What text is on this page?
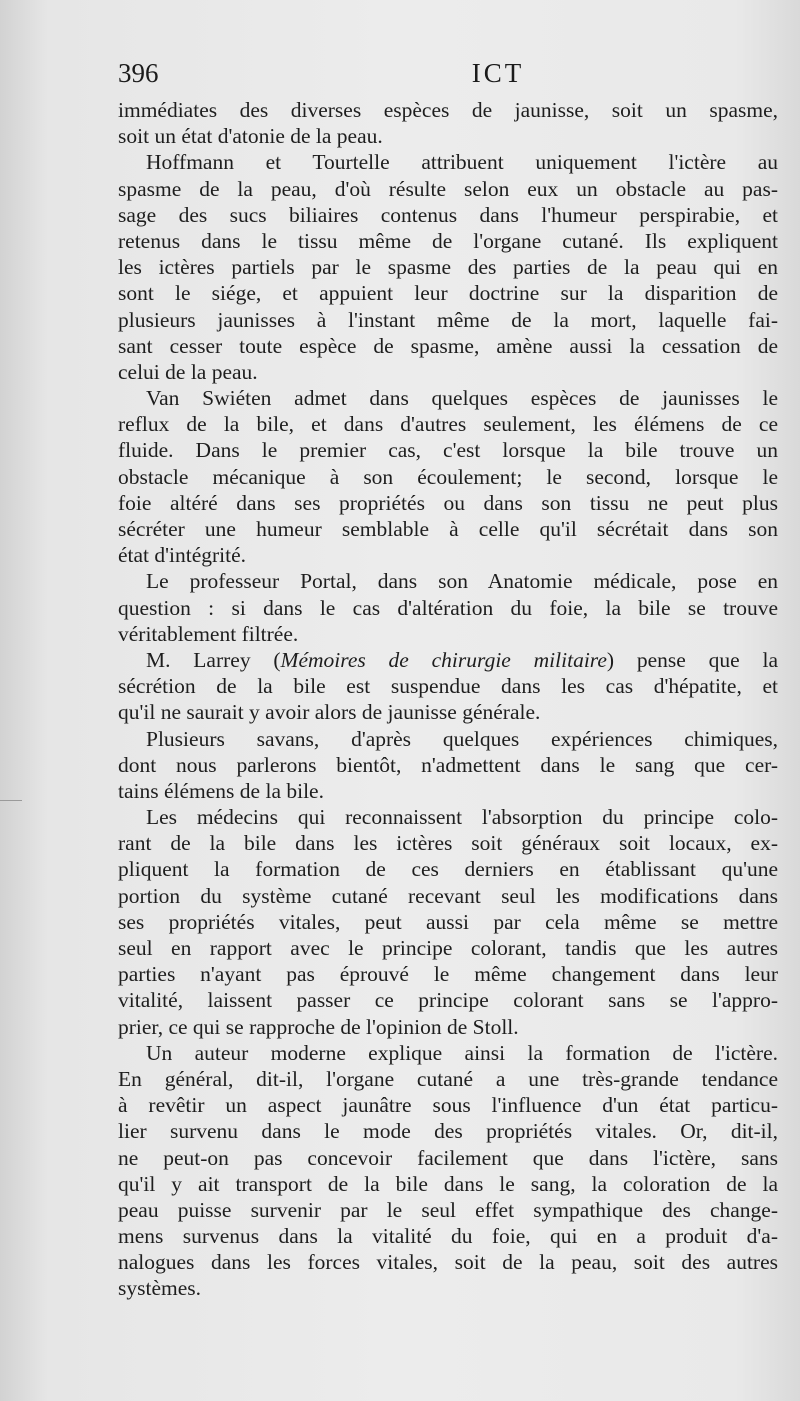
396	ICT
immédiates des diverses espèces de jaunisse, soit un spasme,
soit un état d'atonie de la peau.
Hoffmann et Tourtelle attribuent uniquement l'ictère au
spasme de la peau, d'où résulte selon eux un obstacle au pas-
sage des sucs biliaires contenus dans l'humeur perspirabie, et
retenus dans le tissu même de l'organe cutané. Ils expliquent
les ictères partiels par le spasme des parties de la peau qui en
sont le siége, et appuient leur doctrine sur la disparition de
plusieurs jaunisses à l'instant même de la mort, laquelle fai-
sant cesser toute espèce de spasme, amène aussi la cessation de
celui de la peau.
Van Swiéten admet dans quelques espèces de jaunisses le
reflux de la bile, et dans d'autres seulement, les élémens de ce
fluide. Dans le premier cas, c'est lorsque la bile trouve un
obstacle mécanique à son écoulement; le second, lorsque le
foie altéré dans ses propriétés ou dans son tissu ne peut plus
sécréter une humeur semblable à celle qu'il sécrétait dans son
état d'intégrité.
Le professeur Portal, dans son Anatomie médicale, pose en
question : si dans le cas d'altération du foie, la bile se trouve
véritablement filtrée.
M. Larrey (Mémoires de chirurgie militaire) pense que la
sécrétion de la bile est suspendue dans les cas d'hépatite, et
qu'il ne saurait y avoir alors de jaunisse générale.
Plusieurs savans, d'après quelques expériences chimiques,
dont nous parlerons bientôt, n'admettent dans le sang que cer-
tains élémens de la bile.
Les médecins qui reconnaissent l'absorption du principe colo-
rant de la bile dans les ictères soit généraux soit locaux, ex-
pliquent la formation de ces derniers en établissant qu'une
portion du système cutané recevant seul les modifications dans
ses propriétés vitales, peut aussi par cela même se mettre
seul en rapport avec le principe colorant, tandis que les autres
parties n'ayant pas éprouvé le même changement dans leur
vitalité, laissent passer ce principe colorant sans se l'appro-
prier, ce qui se rapproche de l'opinion de Stoll.
Un auteur moderne explique ainsi la formation de l'ictère.
En général, dit-il, l'organe cutané a une très-grande tendance
à revêtir un aspect jaunâtre sous l'influence d'un état particu-
lier survenu dans le mode des propriétés vitales. Or, dit-il,
ne peut-on pas concevoir facilement que dans l'ictère, sans
qu'il y ait transport de la bile dans le sang, la coloration de la
peau puisse survenir par le seul effet sympathique des change-
mens survenus dans la vitalité du foie, qui en a produit d'a-
nalogues dans les forces vitales, soit de la peau, soit des autres
systèmes.
